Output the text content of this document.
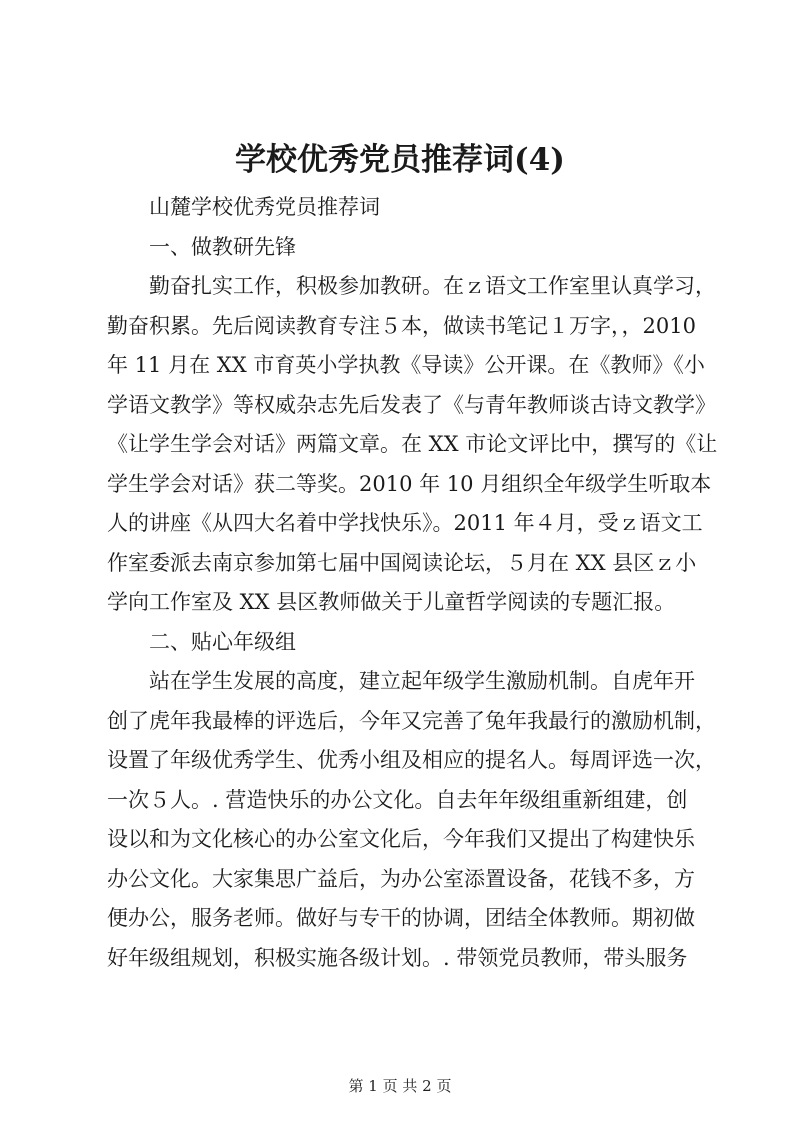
学校优秀党员推荐词(4)
山麓学校优秀党员推荐词
一、做教研先锋
勤奋扎实工作，积极参加教研。在ｚ语文工作室里认真学习，
勤奋积累。先后阅读教育专注５本，做读书笔记１万字，，2010
年 11 月在 XX 市育英小学执教《导读》公开课。在《教师》《小
学语文教学》等权威杂志先后发表了《与青年教师谈古诗文教学》
《让学生学会对话》两篇文章。在 XX 市论文评比中，撰写的《让
学生学会对话》获二等奖。2010 年 10 月组织全年级学生听取本
人的讲座《从四大名着中学找快乐》。2011 年４月，受ｚ语文工
作室委派去南京参加第七届中国阅读论坛，５月在 XX 县区ｚ小
学向工作室及 XX 县区教师做关于儿童哲学阅读的专题汇报。
二、贴心年级组
站在学生发展的高度，建立起年级学生激励机制。自虎年开
创了虎年我最棒的评选后，今年又完善了兔年我最行的激励机制，
设置了年级优秀学生、优秀小组及相应的提名人。每周评选一次，
一次５人。. 营造快乐的办公文化。自去年年级组重新组建，创
设以和为文化核心的办公室文化后，今年我们又提出了构建快乐
办公文化。大家集思广益后，为办公室添置设备，花钱不多，方
便办公，服务老师。做好与专干的协调，团结全体教师。期初做
好年级组规划，积极实施各级计划。. 带领党员教师，带头服务
第 1 页 共 2 页
